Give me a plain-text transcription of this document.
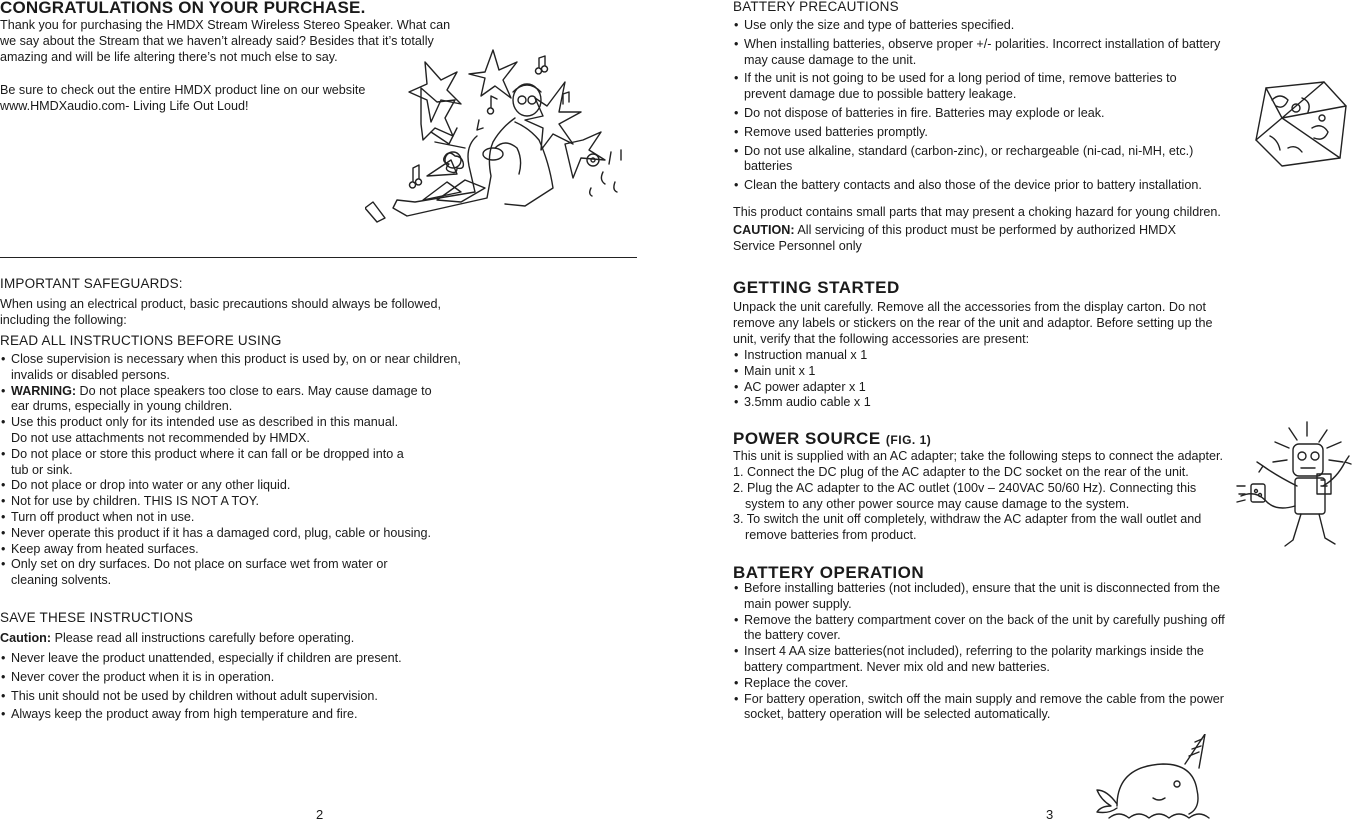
CONGRATULATIONS ON YOUR PURCHASE.
Thank you for purchasing the HMDX Stream Wireless Stereo Speaker. What can
we say about the Stream that we haven’t already said? Besides that it’s totally
amazing and will be life altering there’s not much else to say.
Be sure to check out the entire HMDX product line on our website
www.HMDXaudio.com- Living Life Out Loud!
IMPORTANT SAFEGUARDS:
When using an electrical product, basic precautions should always be followed,
including the following:
READ ALL INSTRUCTIONS BEFORE USING
• Close supervision is necessary when this product is used by, on or near children,
invalids or disabled persons.
• WARNING: Do not place speakers too close to ears. May cause damage to
ear drums, especially in young children.
• Use this product only for its intended use as described in this manual.
Do not use attachments not recommended by HMDX.
• Do not place or store this product where it can fall or be dropped into a
tub or sink.
• Do not place or drop into water or any other liquid.
• Not for use by children. THIS IS NOT A TOY.
• Turn off product when not in use.
• Never operate this product if it has a damaged cord, plug, cable or housing.
• Keep away from heated surfaces.
• Only set on dry surfaces. Do not place on surface wet from water or
cleaning solvents.
SAVE THESE INSTRUCTIONS
Caution: Please read all instructions carefully before operating.
• Never leave the product unattended, especially if children are present.
• Never cover the product when it is in operation.
• This unit should not be used by children without adult supervision.
• Always keep the product away from high temperature and fire.
2
BATTERY PRECAUTIONS
• Use only the size and type of batteries specified.
• When installing batteries, observe proper +/- polarities. Incorrect installation of battery
may cause damage to the unit.
• If the unit is not going to be used for a long period of time, remove batteries to
prevent damage due to possible battery leakage.
• Do not dispose of batteries in fire. Batteries may explode or leak.
• Remove used batteries promptly.
• Do not use alkaline, standard (carbon-zinc), or rechargeable (ni-cad, ni-MH, etc.)
batteries
• Clean the battery contacts and also those of the device prior to battery installation.
This product contains small parts that may present a choking hazard for young children.
CAUTION: All servicing of this product must be performed by authorized HMDX
Service Personnel only
GETTING STARTED
Unpack the unit carefully. Remove all the accessories from the display carton. Do not
remove any labels or stickers on the rear of the unit and adaptor. Before setting up the
unit, verify that the following accessories are present:
• Instruction manual x 1
• Main unit x 1
• AC power adapter x 1
• 3.5mm audio cable x 1
POWER SOURCE (FIG. 1)
This unit is supplied with an AC adapter; take the following steps to connect the adapter.
1. Connect the DC plug of the AC adapter to the DC socket on the rear of the unit.
2. Plug the AC adapter to the AC outlet (100v – 240VAC 50/60 Hz). Connecting this
system to any other power source may cause damage to the system.
3. To switch the unit off completely, withdraw the AC adapter from the wall outlet and
remove batteries from product.
BATTERY OPERATION
• Before installing batteries (not included), ensure that the unit is disconnected from the
main power supply.
• Remove the battery compartment cover on the back of the unit by carefully pushing off
the battery cover.
• Insert 4 AA size batteries(not included), referring to the polarity markings inside the
battery compartment. Never mix old and new batteries.
• Replace the cover.
• For battery operation, switch off the main supply and remove the cable from the power
socket, battery operation will be selected automatically.
3
